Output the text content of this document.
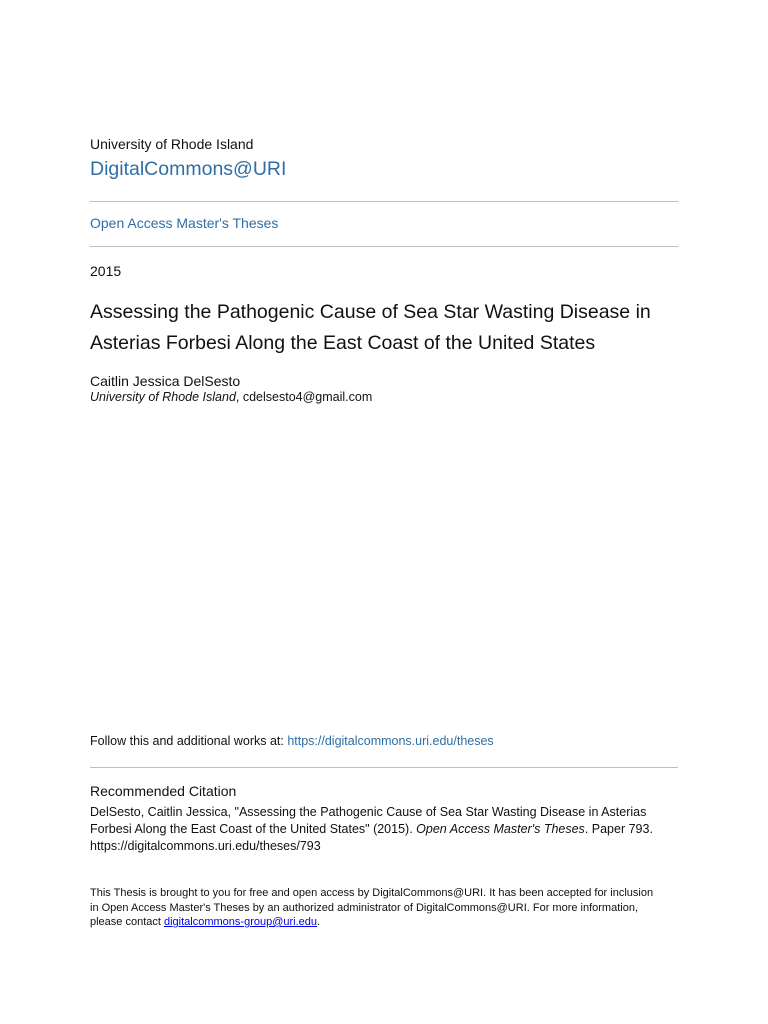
University of Rhode Island
DigitalCommons@URI
Open Access Master's Theses
2015
Assessing the Pathogenic Cause of Sea Star Wasting Disease in
Asterias Forbesi Along the East Coast of the United States
Caitlin Jessica DelSesto
University of Rhode Island, cdelsesto4@gmail.com
Follow this and additional works at: https://digitalcommons.uri.edu/theses
Recommended Citation
DelSesto, Caitlin Jessica, "Assessing the Pathogenic Cause of Sea Star Wasting Disease in Asterias
Forbesi Along the East Coast of the United States" (2015). Open Access Master's Theses. Paper 793.
https://digitalcommons.uri.edu/theses/793
This Thesis is brought to you for free and open access by DigitalCommons@URI. It has been accepted for inclusion
in Open Access Master's Theses by an authorized administrator of DigitalCommons@URI. For more information,
please contact digitalcommons-group@uri.edu.
